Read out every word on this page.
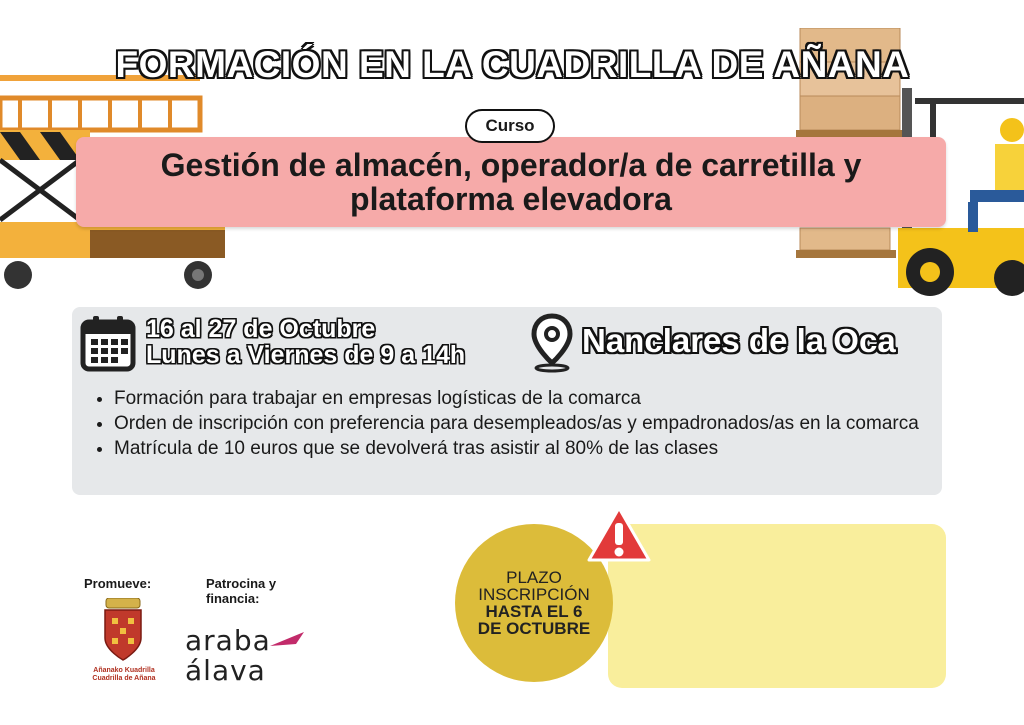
FORMACIÓN EN LA CUADRILLA DE AÑANA
Curso
Gestión de almacén, operador/a de carretilla y plataforma elevadora
16 al 27 de Octubre
Lunes a Viernes de 9 a 14h	Nanclares de la Oca
• Formación para trabajar en empresas logísticas de la comarca
• Orden de inscripción con preferencia para desempleados/as y empadronados/as en la comarca
• Matrícula de 10 euros que se devolverá tras asistir al 80% de las clases
Promueve:
Añanako Kuadrilla
Cuadrilla de Añana
Patrocina y financia:
araba
álava
PLAZO
INSCRIPCIÓN
HASTA EL 6
DE OCTUBRE
